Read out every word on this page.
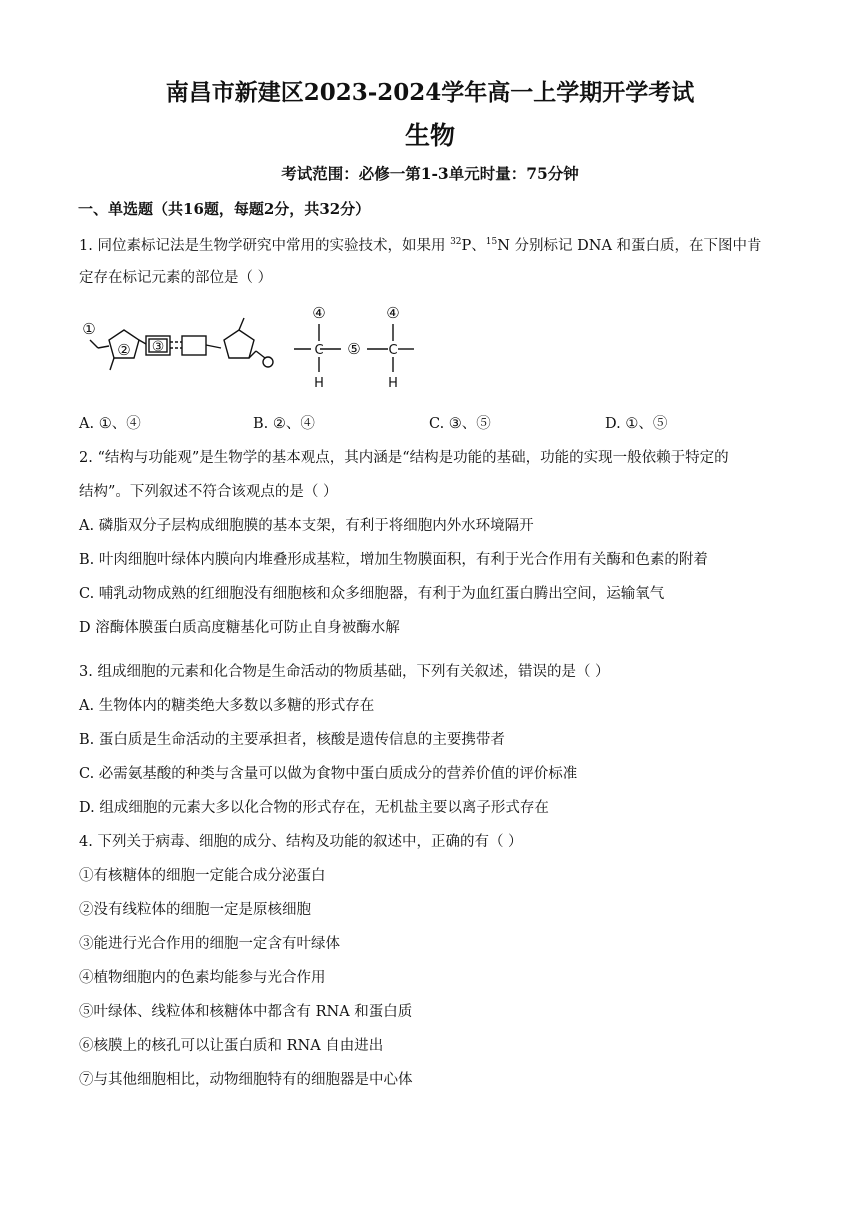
南昌市新建区2023-2024学年高一上学期开学考试
生物
考试范围：必修一第1-3单元时量：75分钟
一、单选题（共16题，每题2分，共32分）
1. 同位素标记法是生物学研究中常用的实验技术，如果用 $^{32}$P、$^{15}$N 分别标记 DNA 和蛋白质，在下图中肯
定存在标记元素的部位是（ ）
①
② ③
④	④
⑤
C	C
H	H
A. ①、④	B. ②、④	C. ③、⑤	D. ①、⑤
2. “结构与功能观”是生物学的基本观点，其内涵是“结构是功能的基础，功能的实现一般依赖于特定的
结构”。下列叙述不符合该观点的是（ ）
A. 磷脂双分子层构成细胞膜的基本支架，有利于将细胞内外水环境隔开
B. 叶肉细胞叶绿体内膜向内堆叠形成基粒，增加生物膜面积，有利于光合作用有关酶和色素的附着
C. 哺乳动物成熟的红细胞没有细胞核和众多细胞器，有利于为血红蛋白腾出空间，运输氧气
D 溶酶体膜蛋白质高度糖基化可防止自身被酶水解
3. 组成细胞的元素和化合物是生命活动的物质基础，下列有关叙述，错误的是（ ）
A. 生物体内的糖类绝大多数以多糖的形式存在
B. 蛋白质是生命活动的主要承担者，核酸是遗传信息的主要携带者
C. 必需氨基酸的种类与含量可以做为食物中蛋白质成分的营养价值的评价标准
D. 组成细胞的元素大多以化合物的形式存在，无机盐主要以离子形式存在
4. 下列关于病毒、细胞的成分、结构及功能的叙述中，正确的有（ ）
①有核糖体的细胞一定能合成分泌蛋白
②没有线粒体的细胞一定是原核细胞
③能进行光合作用的细胞一定含有叶绿体
④植物细胞内的色素均能参与光合作用
⑤叶绿体、线粒体和核糖体中都含有 RNA 和蛋白质
⑥核膜上的核孔可以让蛋白质和 RNA 自由进出
⑦与其他细胞相比，动物细胞特有的细胞器是中心体
